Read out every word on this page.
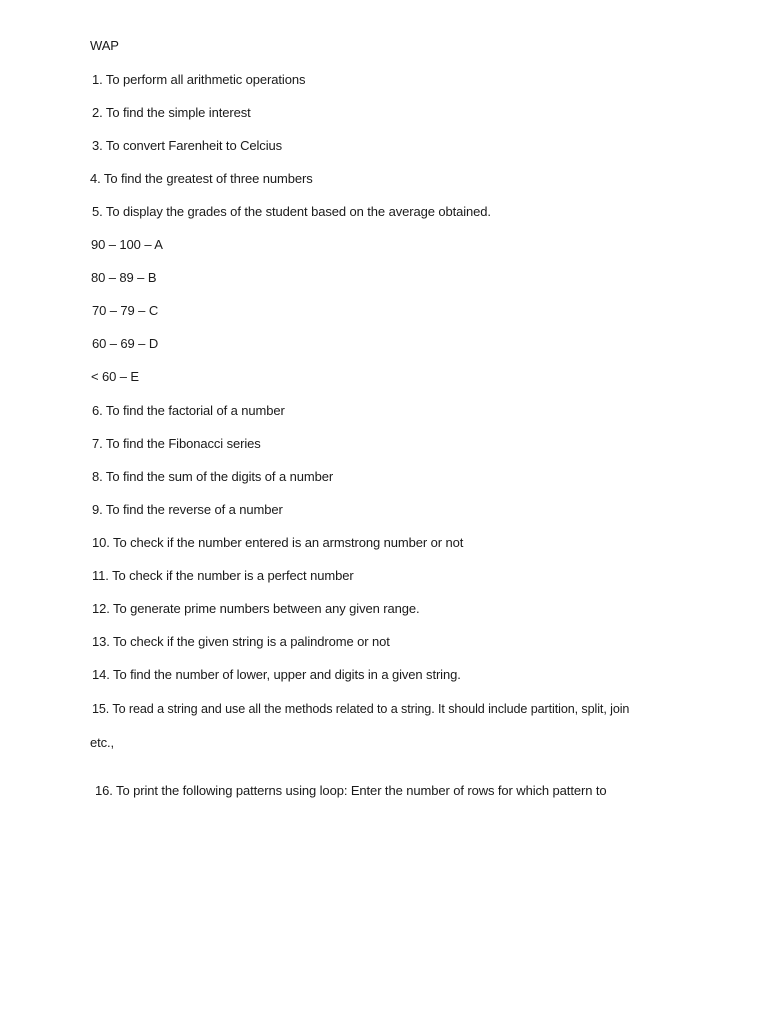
WAP
1. To perform all arithmetic operations
2. To find the simple interest
3. To convert Farenheit to Celcius
4. To find the greatest of three numbers
5. To display the grades of the student based on the average obtained.
90 – 100 – A
80 – 89 – B
70 – 79 – C
60 – 69 – D
< 60 – E
6. To find the factorial of a number
7. To find the Fibonacci series
8. To find the sum of the digits of a number
9. To find the reverse of a number
10. To check if the number entered is an armstrong number or not
11. To check if the number is a perfect number
12. To generate prime numbers between any given range.
13. To check if the given string is a palindrome or not
14. To find the number of lower, upper and digits in a given string.
15. To read a string and use all the methods related to a string. It should include partition, split, join
etc.,
16. To print the following patterns using loop: Enter the number of rows for which pattern to
